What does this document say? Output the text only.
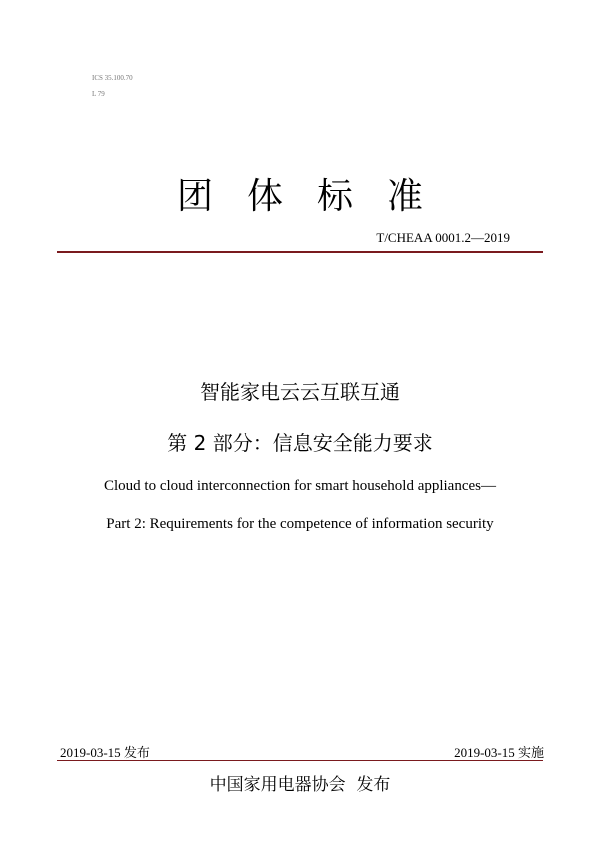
ICS 35.100.70
L 79
团体标准
T/CHEAA 0001.2—2019
智能家电云云互联互通
第 2 部分：信息安全能力要求
Cloud to cloud interconnection for smart household appliances—
Part 2: Requirements for the competence of information security
2019-03-15 发布	2019-03-15 实施
中国家用电器协会  发布
